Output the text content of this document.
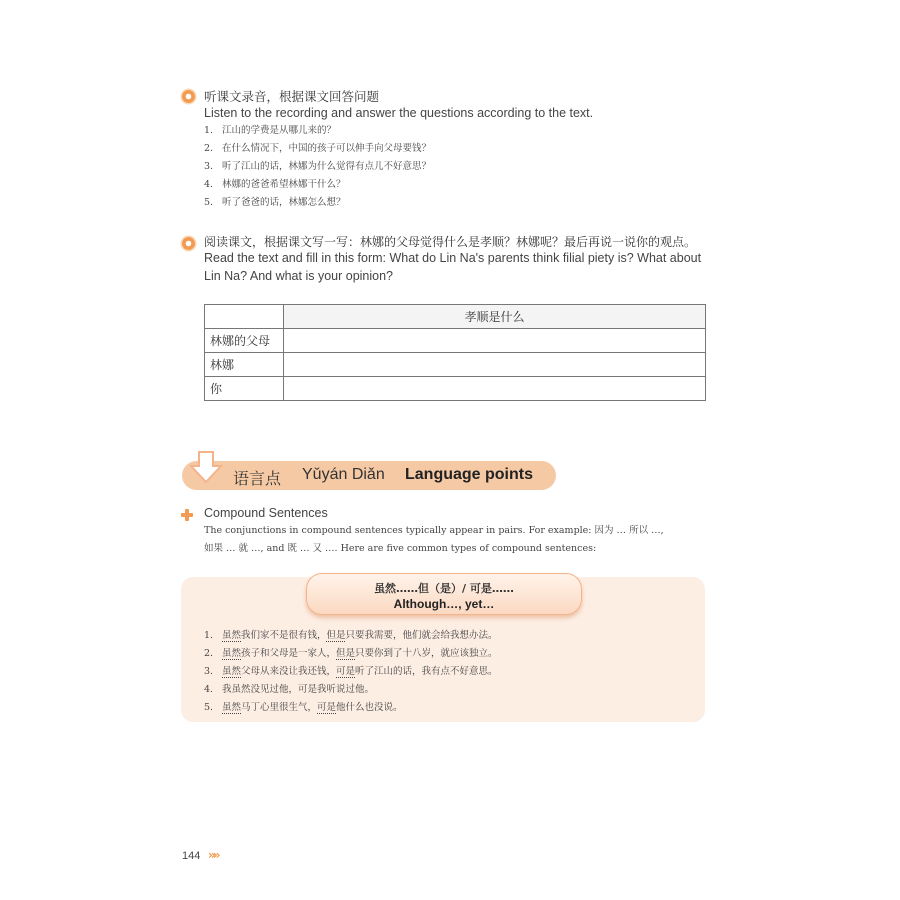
听课文录音，根据课文回答问题
Listen to the recording and answer the questions according to the text.
1. 江山的学费是从哪儿来的？
2. 在什么情况下，中国的孩子可以伸手向父母要钱？
3. 听了江山的话，林娜为什么觉得有点儿不好意思？
4. 林娜的爸爸希望林娜干什么？
5. 听了爸爸的话，林娜怎么想？
阅读课文，根据课文写一写：林娜的父母觉得什么是孝顺？林娜呢？最后再说一说你的观点。
Read the text and fill in this form: What do Lin Na's parents think filial piety is? What about
Lin Na? And what is your opinion?
	孝顺是什么
林娜的父母	
林娜	
你	
语言点 Yǔyán Diǎn Language points
Compound Sentences
The conjunctions in compound sentences typically appear in pairs. For example: 因为 … 所以 …,
如果 … 就 …, and 既 … 又 …. Here are five common types of compound sentences:
虽然……但（是）/ 可是……
Although…, yet…
1. 虽然我们家不是很有钱，但是只要我需要，他们就会给我想办法。
2. 虽然孩子和父母是一家人，但是只要你到了十八岁，就应该独立。
3. 虽然父母从来没让我还钱，可是听了江山的话，我有点不好意思。
4. 我虽然没见过他，可是我听说过他。
5. 虽然马丁心里很生气，可是他什么也没说。
144 »»
